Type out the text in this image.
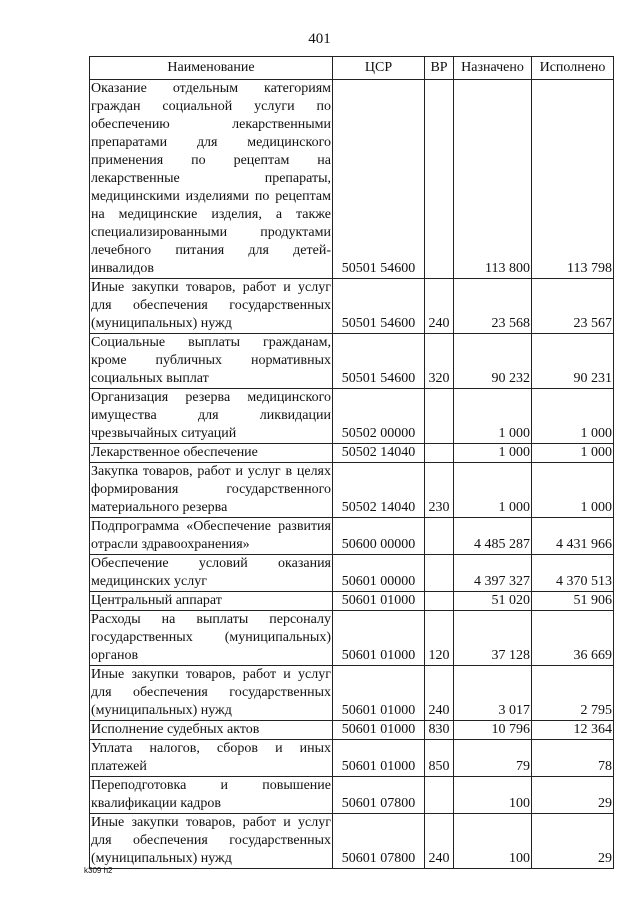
401
Наименование	ЦСР	ВР	Назначено	Исполнено
Оказание отдельным категориям граждан социальной услуги по обеспечению лекарственными препаратами для медицинского применения по рецептам на лекарственные препараты, медицинскими изделиями по рецептам на медицинские изделия, а также специализированными продуктами лечебного питания для детей-инвалидов	50501 54600		113 800	113 798
Иные закупки товаров, работ и услуг для обеспечения государственных (муниципальных) нужд	50501 54600	240	23 568	23 567
Социальные выплаты гражданам, кроме публичных нормативных социальных выплат	50501 54600	320	90 232	90 231
Организация резерва медицинского имущества для ликвидации чрезвычайных ситуаций	50502 00000		1 000	1 000
Лекарственное обеспечение	50502 14040		1 000	1 000
Закупка товаров, работ и услуг в целях формирования государственного материального резерва	50502 14040	230	1 000	1 000
Подпрограмма «Обеспечение развития отрасли здравоохранения»	50600 00000		4 485 287	4 431 966
Обеспечение условий оказания медицинских услуг	50601 00000		4 397 327	4 370 513
Центральный аппарат	50601 01000		51 020	51 906
Расходы на выплаты персоналу государственных (муниципальных) органов	50601 01000	120	37 128	36 669
Иные закупки товаров, работ и услуг для обеспечения государственных (муниципальных) нужд	50601 01000	240	3 017	2 795
Исполнение судебных актов	50601 01000	830	10 796	12 364
Уплата налогов, сборов и иных платежей	50601 01000	850	79	78
Переподготовка и повышение квалификации кадров	50601 07800		100	29
Иные закупки товаров, работ и услуг для обеспечения государственных (муниципальных) нужд	50601 07800	240	100	29
k309 h2
